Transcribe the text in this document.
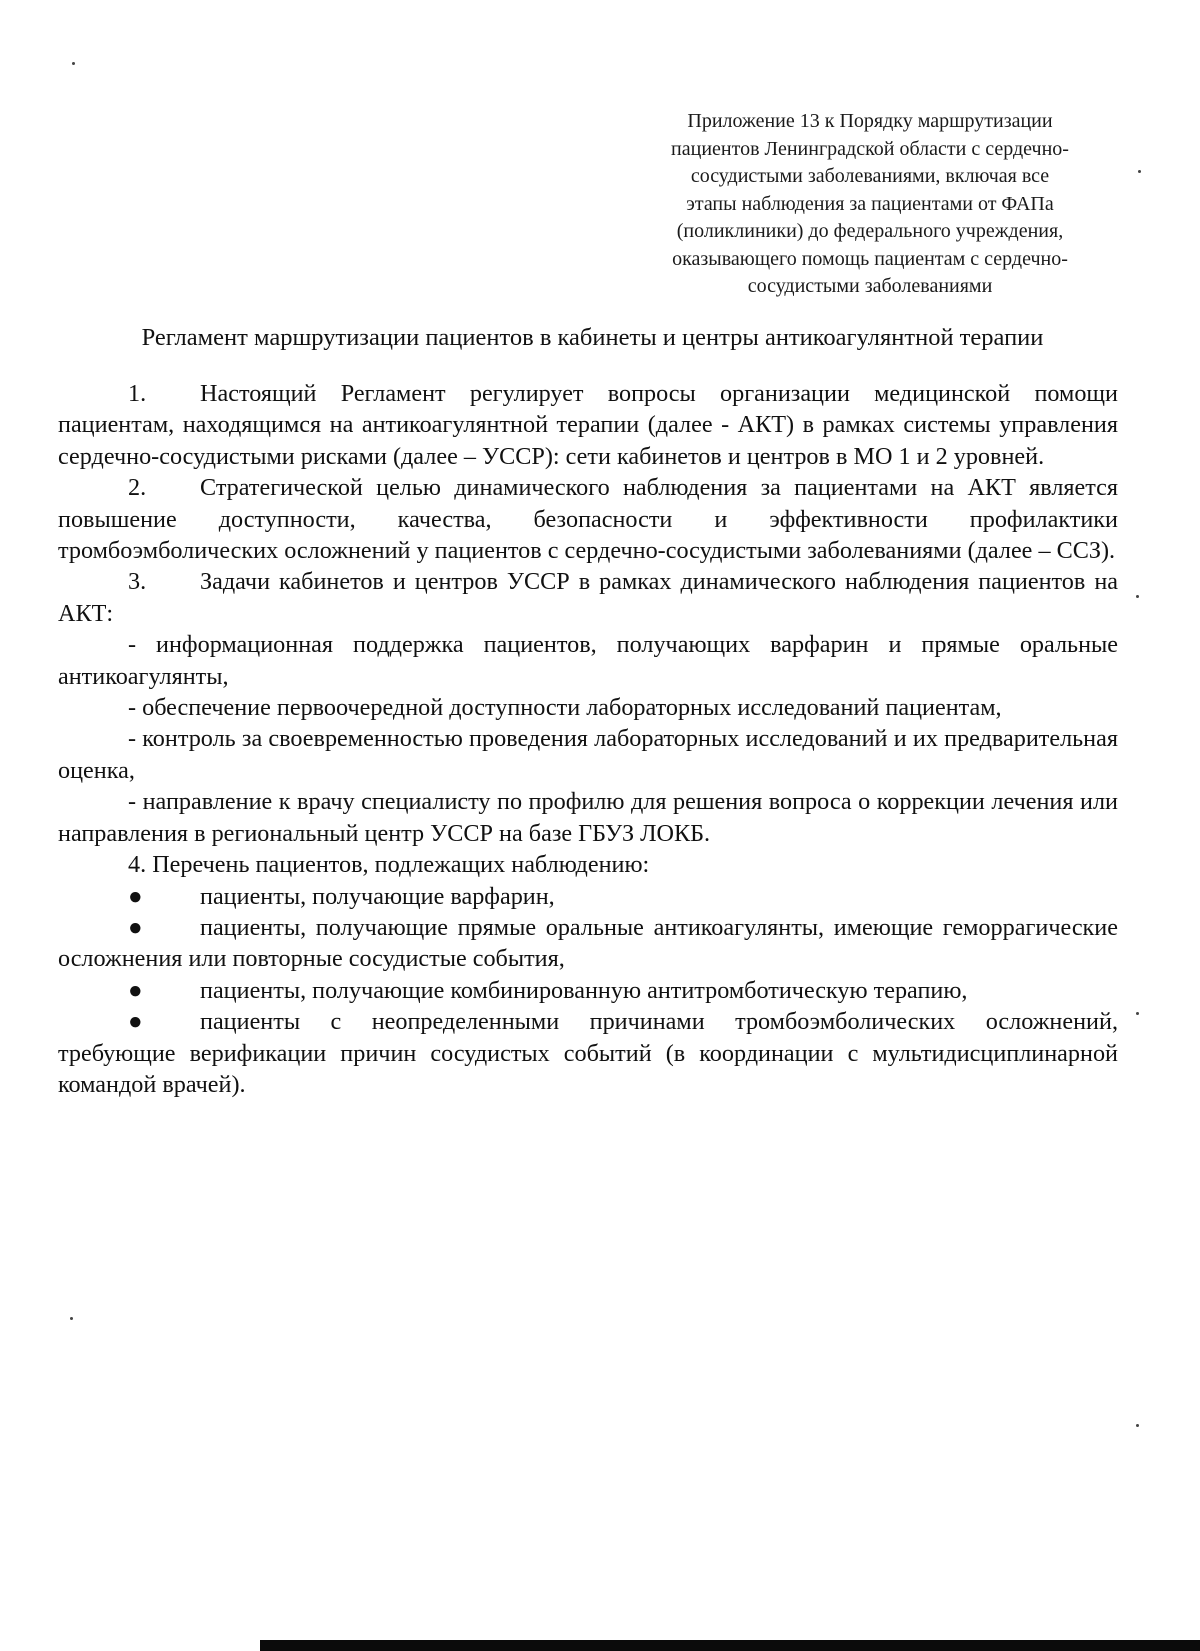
Приложение 13 к Порядку маршрутизации
пациентов Ленинградской области с сердечно-
сосудистыми заболеваниями, включая все
этапы наблюдения за пациентами от ФАПа
(поликлиники) до федерального учреждения,
оказывающего помощь пациентам с сердечно-
сосудистыми заболеваниями
Регламент маршрутизации пациентов в кабинеты и центры антикоагулянтной терапии

1. Настоящий Регламент регулирует вопросы организации медицинской помощи пациентам, находящимся на антикоагулянтной терапии (далее - АКТ) в рамках системы управления сердечно-сосудистыми рисками (далее – УССР): сети кабинетов и центров в МО 1 и 2 уровней.

2. Стратегической целью динамического наблюдения за пациентами на АКТ является повышение доступности, качества, безопасности и эффективности профилактики тромбоэмболических осложнений у пациентов с сердечно-сосудистыми заболеваниями (далее – ССЗ).

3. Задачи кабинетов и центров УССР в рамках динамического наблюдения пациентов на АКТ:

- информационная поддержка пациентов, получающих варфарин и прямые оральные антикоагулянты,

- обеспечение первоочередной доступности лабораторных исследований пациентам,

- контроль за своевременностью проведения лабораторных исследований и их предварительная оценка,

- направление к врачу специалисту по профилю для решения вопроса о коррекции лечения или направления в региональный центр УССР на базе ГБУЗ ЛОКБ.

4. Перечень пациентов, подлежащих наблюдению:

● пациенты, получающие варфарин,

● пациенты, получающие прямые оральные антикоагулянты, имеющие геморрагические осложнения или повторные сосудистые события,

● пациенты, получающие комбинированную антитромботическую терапию,

● пациенты с неопределенными причинами тромбоэмболических осложнений, требующие верификации причин сосудистых событий (в координации с мультидисциплинарной командой врачей).
